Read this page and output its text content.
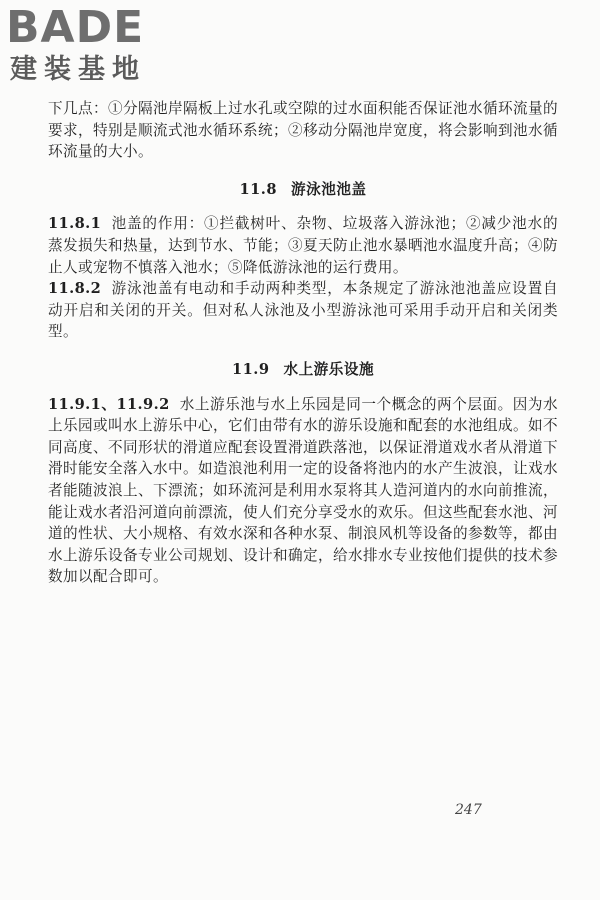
BADE
建装基地

下几点：①分隔池岸隔板上过水孔或空隙的过水面积能否保证池水循环流量的要求，特别是顺流式池水循环系统；②移动分隔池岸宽度，将会影响到池水循环流量的大小。

11.8 游泳池池盖

11.8.1 池盖的作用：①拦截树叶、杂物、垃圾落入游泳池；②减少池水的蒸发损失和热量，达到节水、节能；③夏天防止池水暴晒池水温度升高；④防止人或宠物不慎落入池水；⑤降低游泳池的运行费用。

11.8.2 游泳池盖有电动和手动两种类型，本条规定了游泳池池盖应设置自动开启和关闭的开关。但对私人泳池及小型游泳池可采用手动开启和关闭类型。

11.9 水上游乐设施

11.9.1、11.9.2 水上游乐池与水上乐园是同一个概念的两个层面。因为水上乐园或叫水上游乐中心，它们由带有水的游乐设施和配套的水池组成。如不同高度、不同形状的滑道应配套设置滑道跌落池，以保证滑道戏水者从滑道下滑时能安全落入水中。如造浪池利用一定的设备将池内的水产生波浪，让戏水者能随波浪上、下漂流；如环流河是利用水泵将其人造河道内的水向前推流，能让戏水者沿河道向前漂流，使人们充分享受水的欢乐。但这些配套水池、河道的性状、大小规格、有效水深和各种水泵、制浪风机等设备的参数等，都由水上游乐设备专业公司规划、设计和确定，给水排水专业按他们提供的技术参数加以配合即可。

247
